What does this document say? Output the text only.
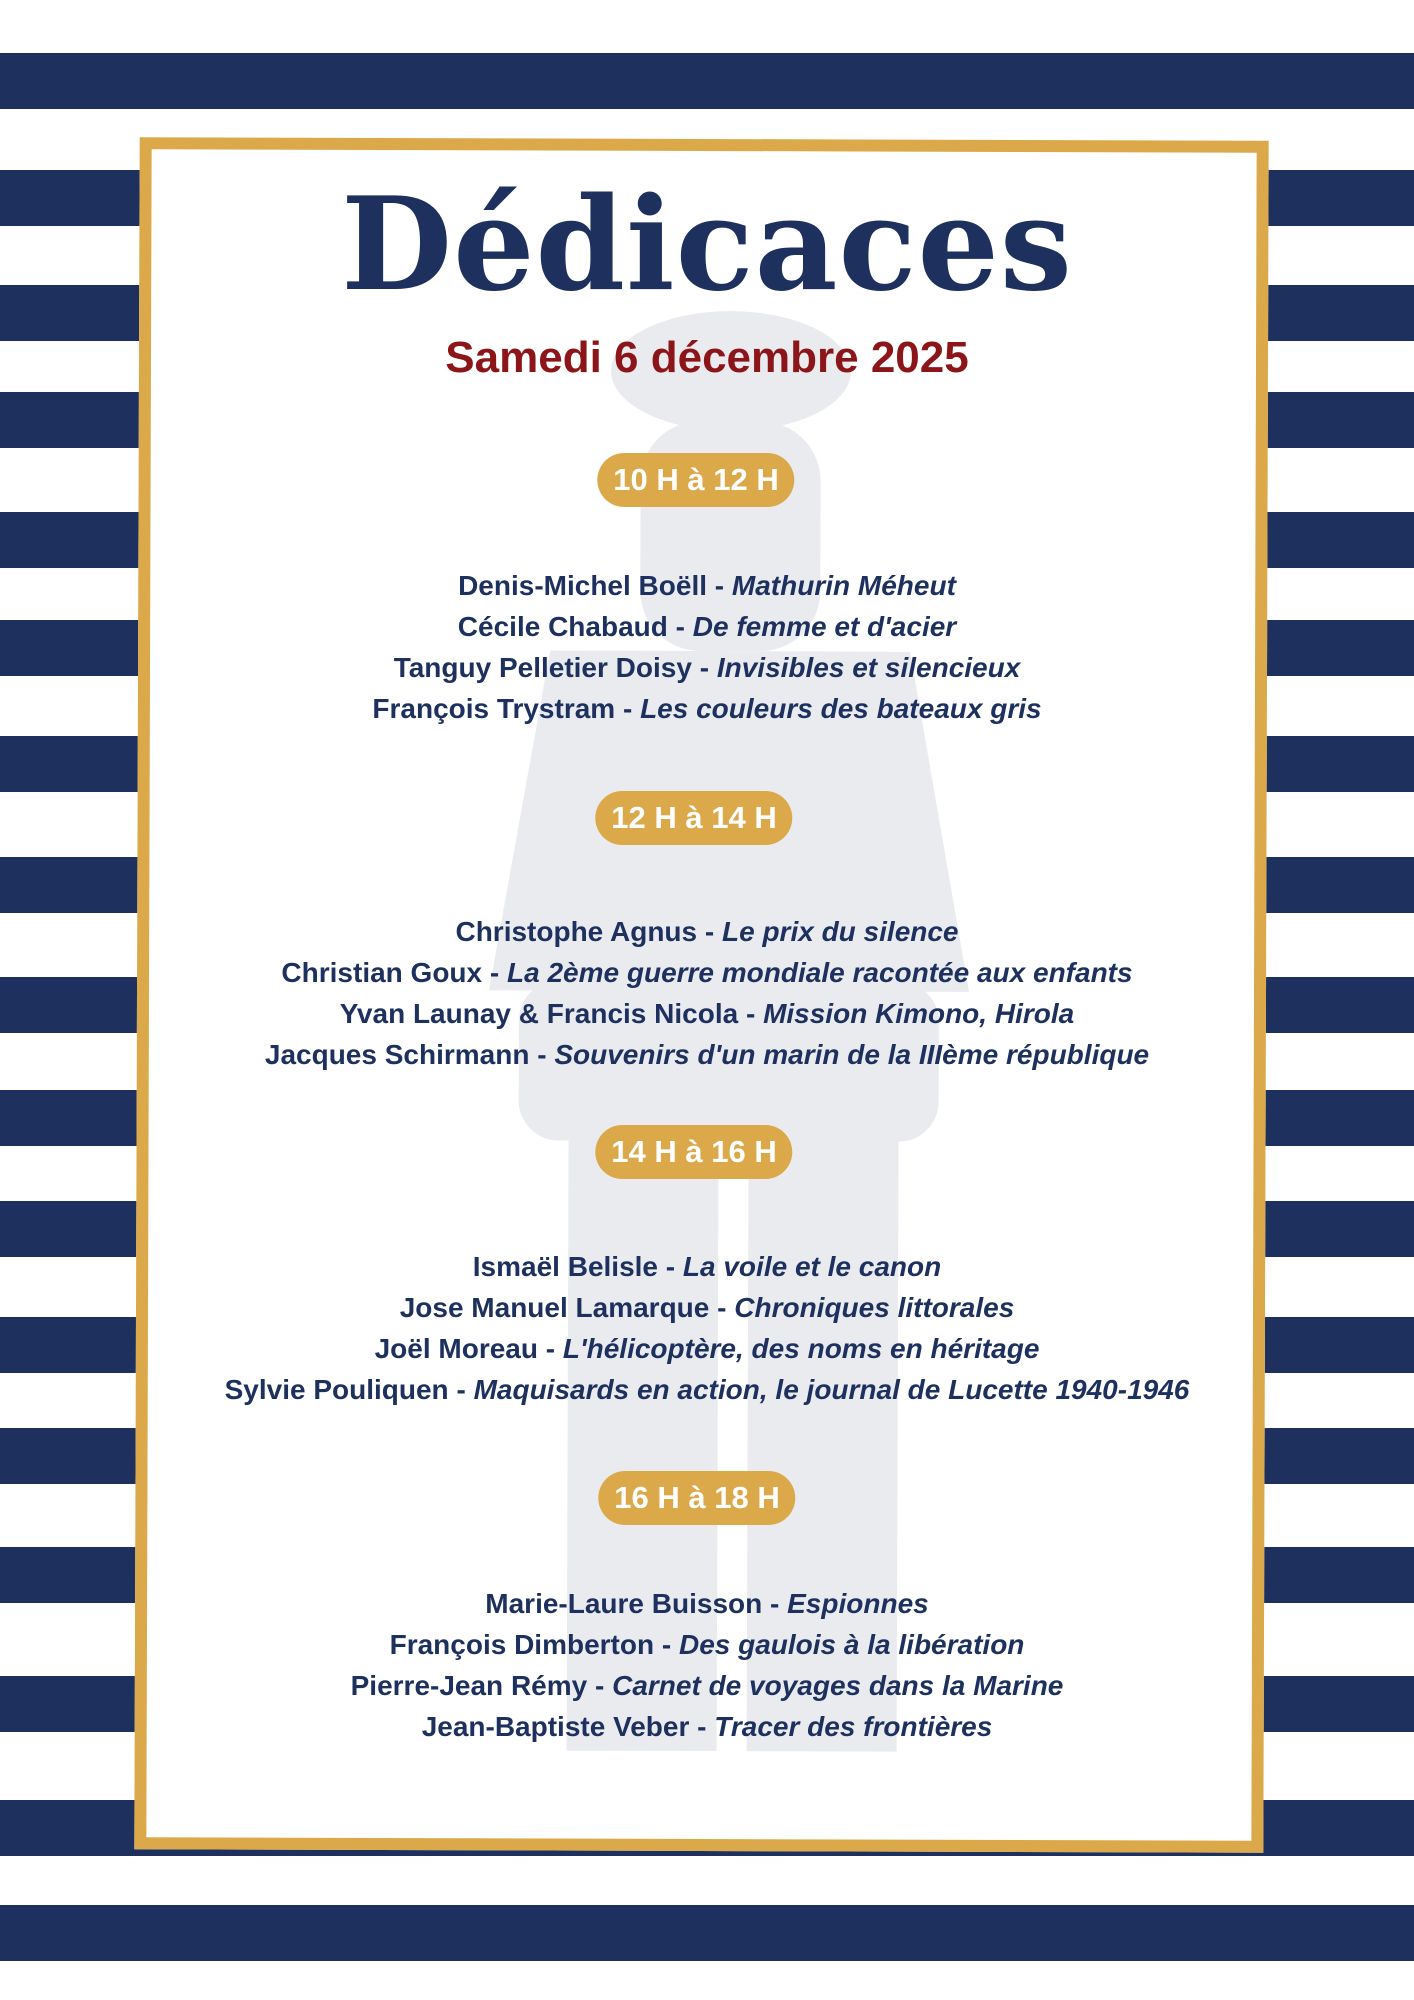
Dédicaces
Samedi 6 décembre 2025
10 H à 12 H
Denis-Michel Boëll - Mathurin Méheut
Cécile Chabaud - De femme et d'acier
Tanguy Pelletier Doisy - Invisibles et silencieux
François Trystram - Les couleurs des bateaux gris
12 H à 14 H
Christophe Agnus - Le prix du silence
Christian Goux - La 2ème guerre mondiale racontée aux enfants
Yvan Launay & Francis Nicola - Mission Kimono, Hirola
Jacques Schirmann - Souvenirs d'un marin de la IIIème république
14 H à 16 H
Ismaël Belisle - La voile et le canon
Jose Manuel Lamarque - Chroniques littorales
Joël Moreau - L'hélicoptère, des noms en héritage
Sylvie Pouliquen - Maquisards en action, le journal de Lucette 1940-1946
16 H à 18 H
Marie-Laure Buisson - Espionnes
François Dimberton - Des gaulois à la libération
Pierre-Jean Rémy - Carnet de voyages dans la Marine
Jean-Baptiste Veber - Tracer des frontières
